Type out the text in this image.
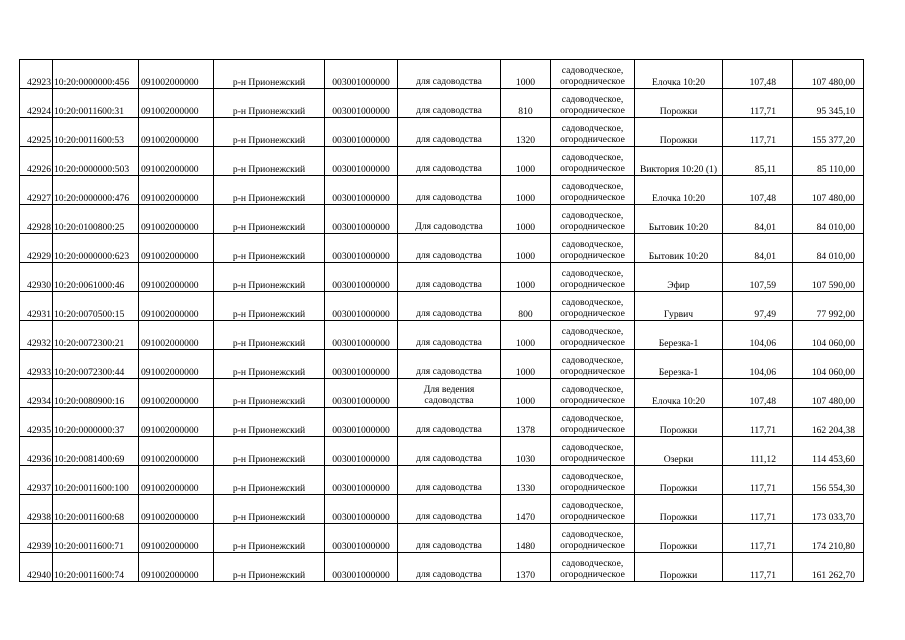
42923	10:20:0000000:456	091002000000	р-н Прионежский	003001000000	для садоводства	1000	садоводческое,
огородническое	Елочка 10:20	107,48	107 480,00
42924	10:20:0011600:31	091002000000	р-н Прионежский	003001000000	для садоводства	810	садоводческое,
огородническое	Порожки	117,71	95 345,10
42925	10:20:0011600:53	091002000000	р-н Прионежский	003001000000	для садоводства	1320	садоводческое,
огородническое	Порожки	117,71	155 377,20
42926	10:20:0000000:503	091002000000	р-н Прионежский	003001000000	для садоводства	1000	садоводческое,
огородническое	Виктория 10:20 (1)	85,11	85 110,00
42927	10:20:0000000:476	091002000000	р-н Прионежский	003001000000	для садоводства	1000	садоводческое,
огородническое	Елочка 10:20	107,48	107 480,00
42928	10:20:0100800:25	091002000000	р-н Прионежский	003001000000	Для садоводства	1000	садоводческое,
огородническое	Бытовик 10:20	84,01	84 010,00
42929	10:20:0000000:623	091002000000	р-н Прионежский	003001000000	для садоводства	1000	садоводческое,
огородническое	Бытовик 10:20	84,01	84 010,00
42930	10:20:0061000:46	091002000000	р-н Прионежский	003001000000	для садоводства	1000	садоводческое,
огородническое	Эфир	107,59	107 590,00
42931	10:20:0070500:15	091002000000	р-н Прионежский	003001000000	для садоводства	800	садоводческое,
огородническое	Гурвич	97,49	77 992,00
42932	10:20:0072300:21	091002000000	р-н Прионежский	003001000000	для садоводства	1000	садоводческое,
огородническое	Березка-1	104,06	104 060,00
42933	10:20:0072300:44	091002000000	р-н Прионежский	003001000000	для садоводства	1000	садоводческое,
огородническое	Березка-1	104,06	104 060,00
42934	10:20:0080900:16	091002000000	р-н Прионежский	003001000000	Для ведения
садоводства	1000	садоводческое,
огородническое	Елочка 10:20	107,48	107 480,00
42935	10:20:0000000:37	091002000000	р-н Прионежский	003001000000	для садоводства	1378	садоводческое,
огородническое	Порожки	117,71	162 204,38
42936	10:20:0081400:69	091002000000	р-н Прионежский	003001000000	для садоводства	1030	садоводческое,
огородническое	Озерки	111,12	114 453,60
42937	10:20:0011600:100	091002000000	р-н Прионежский	003001000000	для садоводства	1330	садоводческое,
огородническое	Порожки	117,71	156 554,30
42938	10:20:0011600:68	091002000000	р-н Прионежский	003001000000	для садоводства	1470	садоводческое,
огородническое	Порожки	117,71	173 033,70
42939	10:20:0011600:71	091002000000	р-н Прионежский	003001000000	для садоводства	1480	садоводческое,
огородническое	Порожки	117,71	174 210,80
42940	10:20:0011600:74	091002000000	р-н Прионежский	003001000000	для садоводства	1370	садоводческое,
огородническое	Порожки	117,71	161 262,70
